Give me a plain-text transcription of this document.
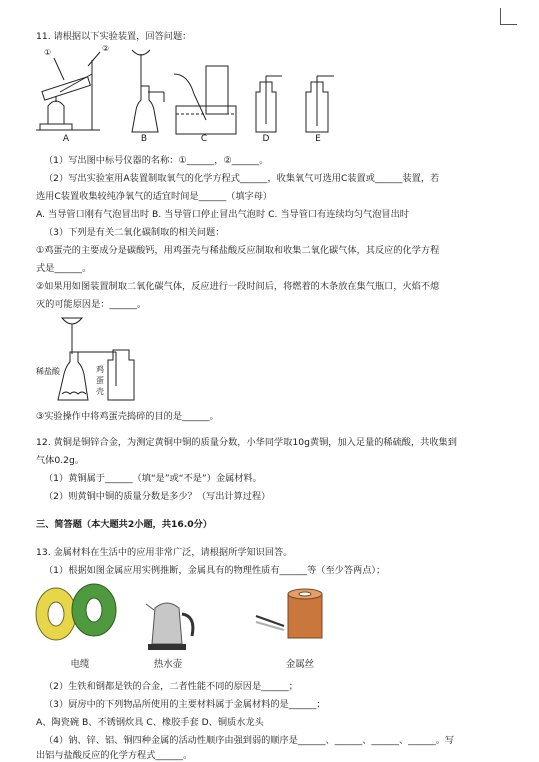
11. 请根据以下实验装置，回答问题：
①	②
A	B	C	D	E
（1）写出图中标号仪器的名称：①______，②______。
（2）写出实验室用A装置制取氧气的化学方程式______，收集氧气可选用C装置或______装置，若
选用C装置收集较纯净氧气的适宜时间是______（填字母）
A. 当导管口刚有气泡冒出时 B. 当导管口停止冒出气泡时 C. 当导管口有连续均匀气泡冒出时
（3）下列是有关二氧化碳制取的相关问题：
①鸡蛋壳的主要成分是碳酸钙，用鸡蛋壳与稀盐酸反应制取和收集二氧化碳气体，其反应的化学方程
式是______。
②如果用如图装置制取二氧化碳气体，反应进行一段时间后，将燃着的木条放在集气瓶口，火焰不熄
灭的可能原因是：______。
稀盐酸	鸡
蛋
壳
③实验操作中将鸡蛋壳捣碎的目的是______。
12. 黄铜是铜锌合金，为测定黄铜中铜的质量分数，小华同学取10g黄铜，加入足量的稀硫酸，共收集到
气体0.2g。
（1）黄铜属于______（填“是”或“不是”）金属材料。
（2）则黄铜中铜的质量分数是多少？（写出计算过程）
三、简答题（本大题共2小题，共16.0分）
13. 金属材料在生活中的应用非常广泛，请根据所学知识回答。
（1）根据如图金属应用实例推断，金属具有的物理性质有______等（至少答两点）；
电缆	热水壶	金属丝
（2）生铁和钢都是铁的合金，二者性能不同的原因是______；
（3）厨房中的下列物品所使用的主要材料属于金属材料的是______；
A、陶瓷碗 B、不锈钢炊具 C、橡胶手套 D、铜质水龙头
（4）钠、锌、铝、铜四种金属的活动性顺序由强到弱的顺序是______、______、______、______。写
出铝与盐酸反应的化学方程式______。
